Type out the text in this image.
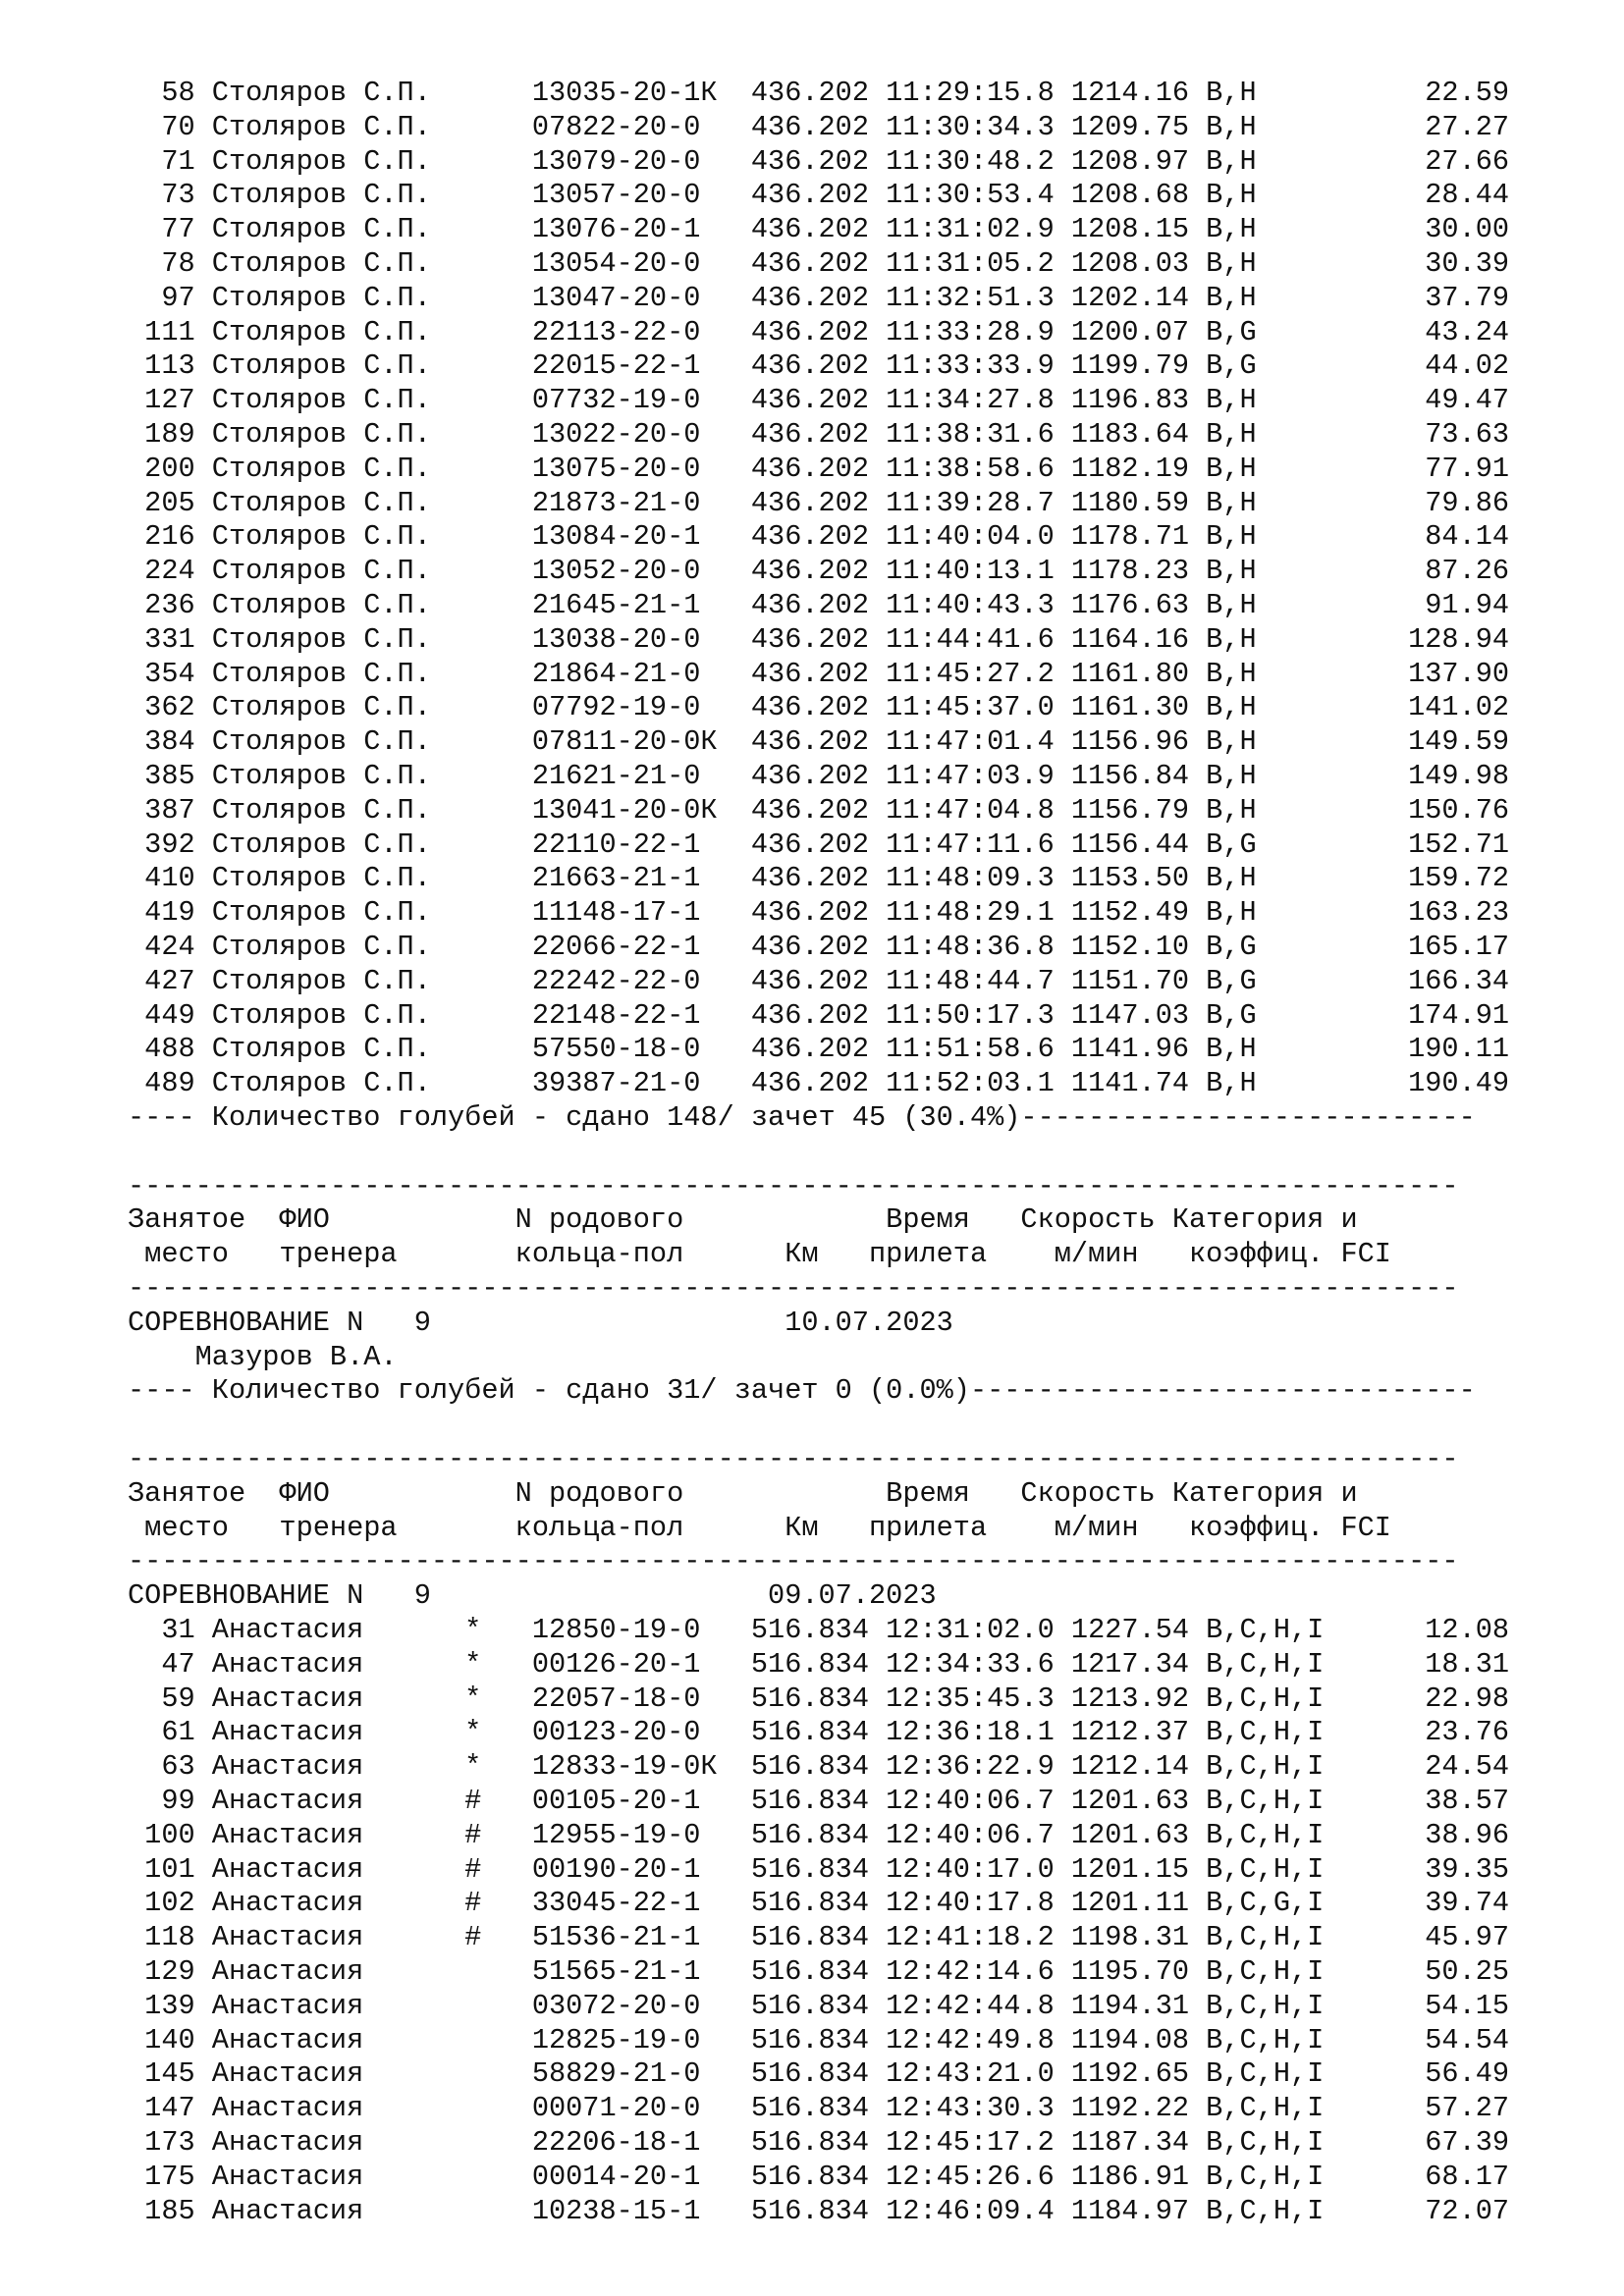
58 Столяров С.П.      13035-20-1К  436.202 11:29:15.8 1214.16 B,H          22.59
70 Столяров С.П.      07822-20-0   436.202 11:30:34.3 1209.75 B,H          27.27
71 Столяров С.П.      13079-20-0   436.202 11:30:48.2 1208.97 B,H          27.66
73 Столяров С.П.      13057-20-0   436.202 11:30:53.4 1208.68 B,H          28.44
77 Столяров С.П.      13076-20-1   436.202 11:31:02.9 1208.15 B,H          30.00
78 Столяров С.П.      13054-20-0   436.202 11:31:05.2 1208.03 B,H          30.39
97 Столяров С.П.      13047-20-0   436.202 11:32:51.3 1202.14 B,H          37.79
111 Столяров С.П.      22113-22-0   436.202 11:33:28.9 1200.07 B,G          43.24
113 Столяров С.П.      22015-22-1   436.202 11:33:33.9 1199.79 B,G          44.02
127 Столяров С.П.      07732-19-0   436.202 11:34:27.8 1196.83 B,H          49.47
189 Столяров С.П.      13022-20-0   436.202 11:38:31.6 1183.64 B,H          73.63
200 Столяров С.П.      13075-20-0   436.202 11:38:58.6 1182.19 B,H          77.91
205 Столяров С.П.      21873-21-0   436.202 11:39:28.7 1180.59 B,H          79.86
216 Столяров С.П.      13084-20-1   436.202 11:40:04.0 1178.71 B,H          84.14
224 Столяров С.П.      13052-20-0   436.202 11:40:13.1 1178.23 B,H          87.26
236 Столяров С.П.      21645-21-1   436.202 11:40:43.3 1176.63 B,H          91.94
331 Столяров С.П.      13038-20-0   436.202 11:44:41.6 1164.16 B,H         128.94
354 Столяров С.П.      21864-21-0   436.202 11:45:27.2 1161.80 B,H         137.90
362 Столяров С.П.      07792-19-0   436.202 11:45:37.0 1161.30 B,H         141.02
384 Столяров С.П.      07811-20-0К  436.202 11:47:01.4 1156.96 B,H         149.59
385 Столяров С.П.      21621-21-0   436.202 11:47:03.9 1156.84 B,H         149.98
387 Столяров С.П.      13041-20-0К  436.202 11:47:04.8 1156.79 B,H         150.76
392 Столяров С.П.      22110-22-1   436.202 11:47:11.6 1156.44 B,G         152.71
410 Столяров С.П.      21663-21-1   436.202 11:48:09.3 1153.50 B,H         159.72
419 Столяров С.П.      11148-17-1   436.202 11:48:29.1 1152.49 B,H         163.23
424 Столяров С.П.      22066-22-1   436.202 11:48:36.8 1152.10 B,G         165.17
427 Столяров С.П.      22242-22-0   436.202 11:48:44.7 1151.70 B,G         166.34
449 Столяров С.П.      22148-22-1   436.202 11:50:17.3 1147.03 B,G         174.91
488 Столяров С.П.      57550-18-0   436.202 11:51:58.6 1141.96 B,H         190.11
489 Столяров С.П.      39387-21-0   436.202 11:52:03.1 1141.74 B,H         190.49
---- Количество голубей - сдано 148/ зачет 45 (30.4%)---------------------------
-------------------------------------------------------------------------------
Занятое  ФИО           N родового            Время   Скорость Категория и
место   тренера       кольца-пол      Км   прилета    м/мин   коэффиц. FCI
-------------------------------------------------------------------------------
СОРЕВНОВАНИЕ N   9                     10.07.2023
Мазуров В.А.
---- Количество голубей - сдано 31/ зачет 0 (0.0%)------------------------------
-------------------------------------------------------------------------------
Занятое  ФИО           N родового            Время   Скорость Категория и
место   тренера       кольца-пол      Км   прилета    м/мин   коэффиц. FCI
-------------------------------------------------------------------------------
СОРЕВНОВАНИЕ N   9                    09.07.2023
31 Анастасия      *   12850-19-0   516.834 12:31:02.0 1227.54 B,C,H,I      12.08
47 Анастасия      *   00126-20-1   516.834 12:34:33.6 1217.34 B,C,H,I      18.31
59 Анастасия      *   22057-18-0   516.834 12:35:45.3 1213.92 B,C,H,I      22.98
61 Анастасия      *   00123-20-0   516.834 12:36:18.1 1212.37 B,C,H,I      23.76
63 Анастасия      *   12833-19-0К  516.834 12:36:22.9 1212.14 B,C,H,I      24.54
99 Анастасия      #   00105-20-1   516.834 12:40:06.7 1201.63 B,C,H,I      38.57
100 Анастасия      #   12955-19-0   516.834 12:40:06.7 1201.63 B,C,H,I      38.96
101 Анастасия      #   00190-20-1   516.834 12:40:17.0 1201.15 B,C,H,I      39.35
102 Анастасия      #   33045-22-1   516.834 12:40:17.8 1201.11 B,C,G,I      39.74
118 Анастасия      #   51536-21-1   516.834 12:41:18.2 1198.31 B,C,H,I      45.97
129 Анастасия          51565-21-1   516.834 12:42:14.6 1195.70 B,C,H,I      50.25
139 Анастасия          03072-20-0   516.834 12:42:44.8 1194.31 B,C,H,I      54.15
140 Анастасия          12825-19-0   516.834 12:42:49.8 1194.08 B,C,H,I      54.54
145 Анастасия          58829-21-0   516.834 12:43:21.0 1192.65 B,C,H,I      56.49
147 Анастасия          00071-20-0   516.834 12:43:30.3 1192.22 B,C,H,I      57.27
173 Анастасия          22206-18-1   516.834 12:45:17.2 1187.34 B,C,H,I      67.39
175 Анастасия          00014-20-1   516.834 12:45:26.6 1186.91 B,C,H,I      68.17
185 Анастасия          10238-15-1   516.834 12:46:09.4 1184.97 B,C,H,I      72.07
